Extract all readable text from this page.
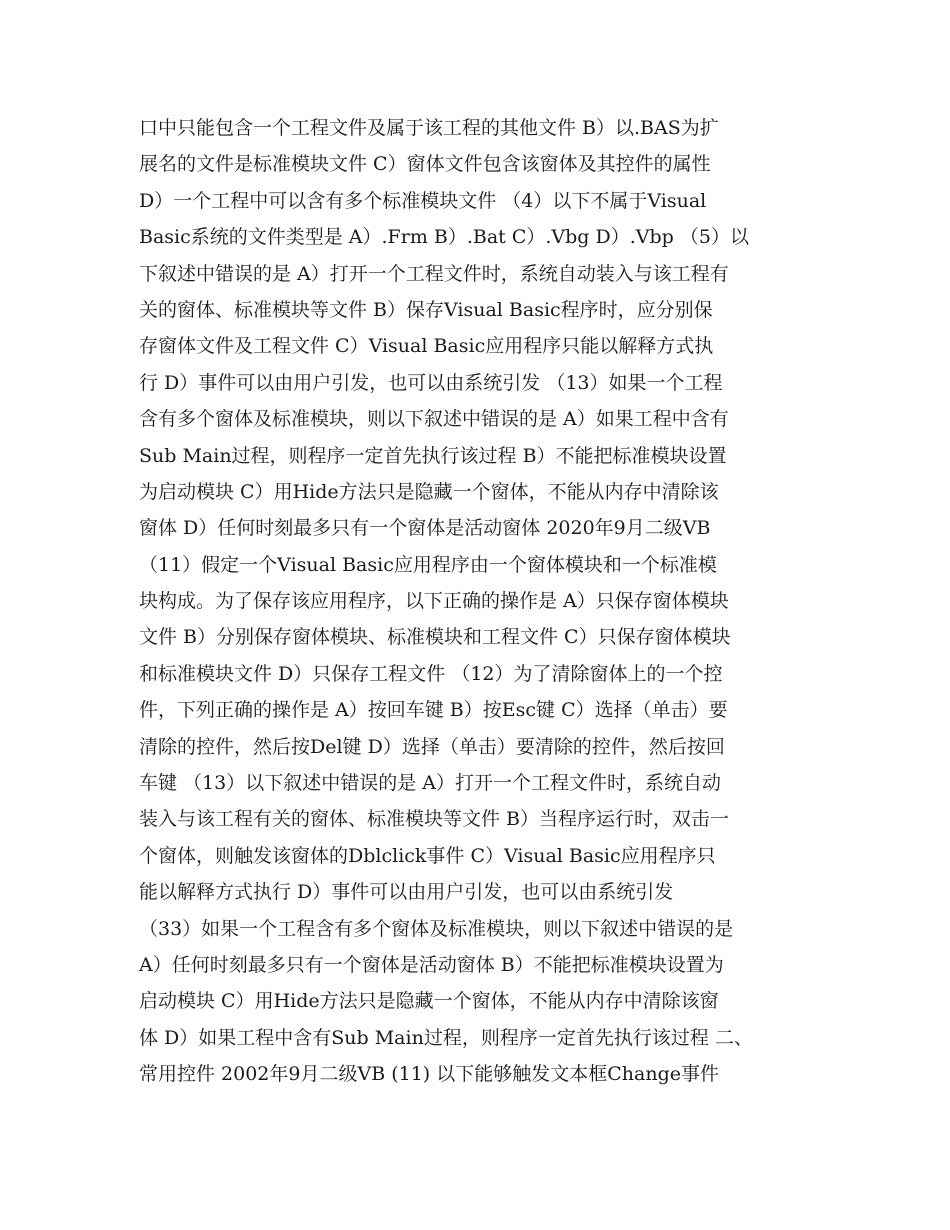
口中只能包含一个工程文件及属于该工程的其他文件 B）以.BAS为扩
展名的文件是标准模块文件 C）窗体文件包含该窗体及其控件的属性
D）一个工程中可以含有多个标准模块文件 （4）以下不属于Visual
Basic系统的文件类型是 A）.Frm B）.Bat C）.Vbg D）.Vbp （5）以
下叙述中错误的是 A）打开一个工程文件时，系统自动装入与该工程有
关的窗体、标准模块等文件 B）保存Visual Basic程序时，应分别保
存窗体文件及工程文件 C）Visual Basic应用程序只能以解释方式执
行 D）事件可以由用户引发，也可以由系统引发 （13）如果一个工程
含有多个窗体及标准模块，则以下叙述中错误的是 A）如果工程中含有
Sub Main过程，则程序一定首先执行该过程 B）不能把标准模块设置
为启动模块 C）用Hide方法只是隐藏一个窗体，不能从内存中清除该
窗体 D）任何时刻最多只有一个窗体是活动窗体 2020年9月二级VB
（11）假定一个Visual Basic应用程序由一个窗体模块和一个标准模
块构成。为了保存该应用程序，以下正确的操作是 A）只保存窗体模块
文件 B）分别保存窗体模块、标准模块和工程文件 C）只保存窗体模块
和标准模块文件 D）只保存工程文件 （12）为了清除窗体上的一个控
件，下列正确的操作是 A）按回车键 B）按Esc键 C）选择（单击）要
清除的控件，然后按Del键 D）选择（单击）要清除的控件，然后按回
车键 （13）以下叙述中错误的是 A）打开一个工程文件时，系统自动
装入与该工程有关的窗体、标准模块等文件 B）当程序运行时，双击一
个窗体，则触发该窗体的Dblclick事件 C）Visual Basic应用程序只
能以解释方式执行 D）事件可以由用户引发，也可以由系统引发
（33）如果一个工程含有多个窗体及标准模块，则以下叙述中错误的是
A）任何时刻最多只有一个窗体是活动窗体 B）不能把标准模块设置为
启动模块 C）用Hide方法只是隐藏一个窗体，不能从内存中清除该窗
体 D）如果工程中含有Sub Main过程，则程序一定首先执行该过程 二、
常用控件 2002年9月二级VB (11) 以下能够触发文本框Change事件
